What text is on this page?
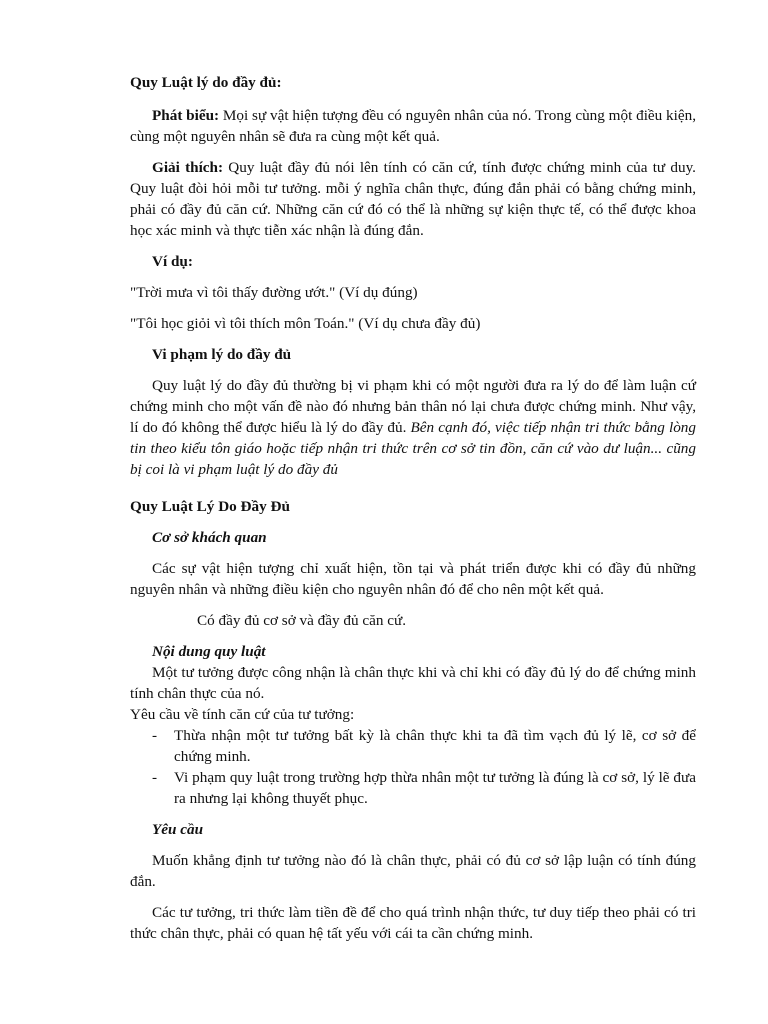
Quy Luật lý do đầy đủ:

Phát biểu: Mọi sự vật hiện tượng đều có nguyên nhân của nó. Trong cùng một điều kiện, cùng một nguyên nhân sẽ đưa ra cùng một kết quả.

Giải thích: Quy luật đầy đủ nói lên tính có căn cứ, tính được chứng minh của tư duy. Quy luật đòi hỏi mỗi tư tưởng. mỗi ý nghĩa chân thực, đúng đắn phải có bằng chứng minh, phải có đầy đủ căn cứ. Những căn cứ đó có thể là những sự kiện thực tế, có thể được khoa học xác minh và thực tiễn xác nhận là đúng đắn.

Ví dụ:

"Trời mưa vì tôi thấy đường ướt." (Ví dụ đúng)

"Tôi học giỏi vì tôi thích môn Toán." (Ví dụ chưa đầy đủ)

Vi phạm lý do đầy đủ

Quy luật lý do đầy đủ thường bị vi phạm khi có một người đưa ra lý do để làm luận cứ chứng minh cho một vấn đề nào đó nhưng bản thân nó lại chưa được chứng minh. Như vậy, lí do đó không thể được hiểu là lý do đầy đủ. Bên cạnh đó, việc tiếp nhận tri thức bằng lòng tin theo kiểu tôn giáo hoặc tiếp nhận tri thức trên cơ sở tin đồn, căn cứ vào dư luận... cũng bị coi là vi phạm luật lý do đầy đủ

Quy Luật Lý Do Đầy Đủ

Cơ sở khách quan

Các sự vật hiện tượng chỉ xuất hiện, tồn tại và phát triển được khi có đầy đủ những nguyên nhân và những điều kiện cho nguyên nhân đó để cho nên một kết quả.

Có đầy đủ cơ sở và đầy đủ căn cứ.

Nội dung quy luật

Một tư tưởng được công nhận là chân thực khi và chỉ khi có đầy đủ lý do để chứng minh tính chân thực của nó.

Yêu cầu về tính căn cứ của tư tưởng:

- Thừa nhận một tư tưởng bất kỳ là chân thực khi ta đã tìm vạch đủ lý lẽ, cơ sở để chứng minh.
- Vi phạm quy luật trong trường hợp thừa nhân một tư tưởng là đúng là cơ sở, lý lẽ đưa ra nhưng lại không thuyết phục.

Yêu cầu

Muốn khẳng định tư tưởng nào đó là chân thực, phải có đủ cơ sở lập luận có tính đúng đắn.

Các tư tưởng, tri thức làm tiền đề để cho quá trình nhận thức, tư duy tiếp theo phải có tri thức chân thực, phải có quan hệ tất yếu với cái ta cần chứng minh.
